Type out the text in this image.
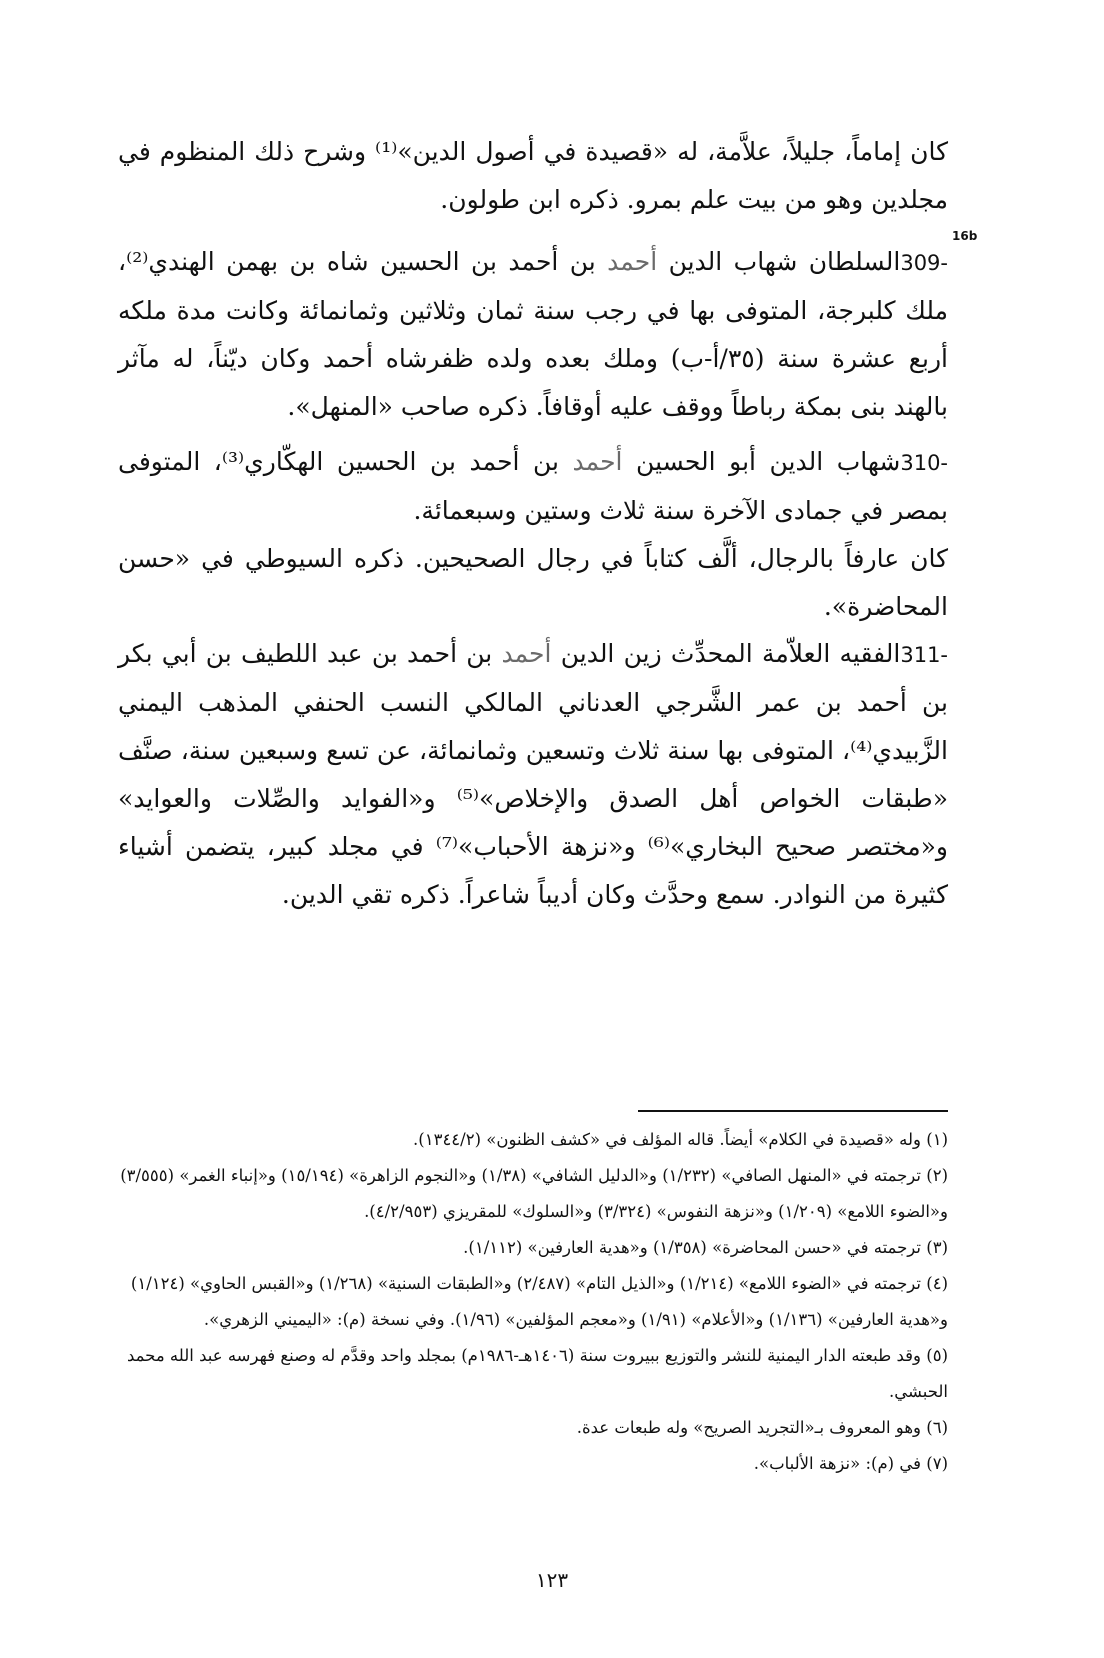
16b

كان إماماً، جليلاً، علاَّمة، له «قصيدة في أصول الدين»⁽¹⁾ وشرح ذلك المنظوم في مجلدين وهو من بيت علم بمرو. ذكره ابن طولون.

309-السلطان شهاب الدين أحمد بن أحمد بن الحسين شاه بن بهمن الهندي⁽²⁾، ملك كلبرجة، المتوفى بها في رجب سنة ثمان وثلاثين وثمانمائة وكانت مدة ملكه أربع عشرة سنة (٣٥/أ-ب) وملك بعده ولده ظفرشاه أحمد وكان ديّناً، له مآثر بالهند بنى بمكة رباطاً ووقف عليه أوقافاً. ذكره صاحب «المنهل».

310-شهاب الدين أبو الحسين أحمد بن أحمد بن الحسين الهكّاري⁽³⁾، المتوفى بمصر في جمادى الآخرة سنة ثلاث وستين وسبعمائة.

كان عارفاً بالرجال، ألَّف كتاباً في رجال الصحيحين. ذكره السيوطي في «حسن المحاضرة».

311-الفقيه العلاّمة المحدِّث زين الدين أحمد بن أحمد بن عبد اللطيف بن أبي بكر بن أحمد بن عمر الشَّرجي العدناني المالكي النسب الحنفي المذهب اليمني الزَّبيدي⁽⁴⁾، المتوفى بها سنة ثلاث وتسعين وثمانمائة، عن تسع وسبعين سنة، صنَّف «طبقات الخواص أهل الصدق والإخلاص»⁽⁵⁾ و«الفوايد والصِّلات والعوايد» و«مختصر صحيح البخاري»⁽⁶⁾ و«نزهة الأحباب»⁽⁷⁾ في مجلد كبير، يتضمن أشياء كثيرة من النوادر. سمع وحدَّث وكان أديباً شاعراً. ذكره تقي الدين.

(١) وله «قصيدة في الكلام» أيضاً. قاله المؤلف في «كشف الظنون» (١٣٤٤/٢).

(٢) ترجمته في «المنهل الصافي» (١/٢٣٢) و«الدليل الشافي» (١/٣٨) و«النجوم الزاهرة» (١٥/١٩٤) و«إنباء الغمر» (٣/٥٥٥) و«الضوء اللامع» (١/٢٠٩) و«نزهة النفوس» (٣/٣٢٤) و«السلوك» للمقريزي (٤/٢/٩٥٣).

(٣) ترجمته في «حسن المحاضرة» (١/٣٥٨) و«هدية العارفين» (١/١١٢).

(٤) ترجمته في «الضوء اللامع» (١/٢١٤) و«الذيل التام» (٢/٤٨٧) و«الطبقات السنية» (١/٢٦٨) و«القبس الحاوي» (١/١٢٤) و«هدية العارفين» (١/١٣٦) و«الأعلام» (١/٩١) و«معجم المؤلفين» (١/٩٦). وفي نسخة (م): «اليميني الزهري».

(٥) وقد طبعته الدار اليمنية للنشر والتوزيع ببيروت سنة (١٤٠٦هـ-١٩٨٦م) بمجلد واحد وقدَّم له وصنع فهرسه عبد الله محمد الحبشي.

(٦) وهو المعروف بـ«التجريد الصريح» وله طبعات عدة.

(٧) في (م): «نزهة الألباب».

١٢٣
